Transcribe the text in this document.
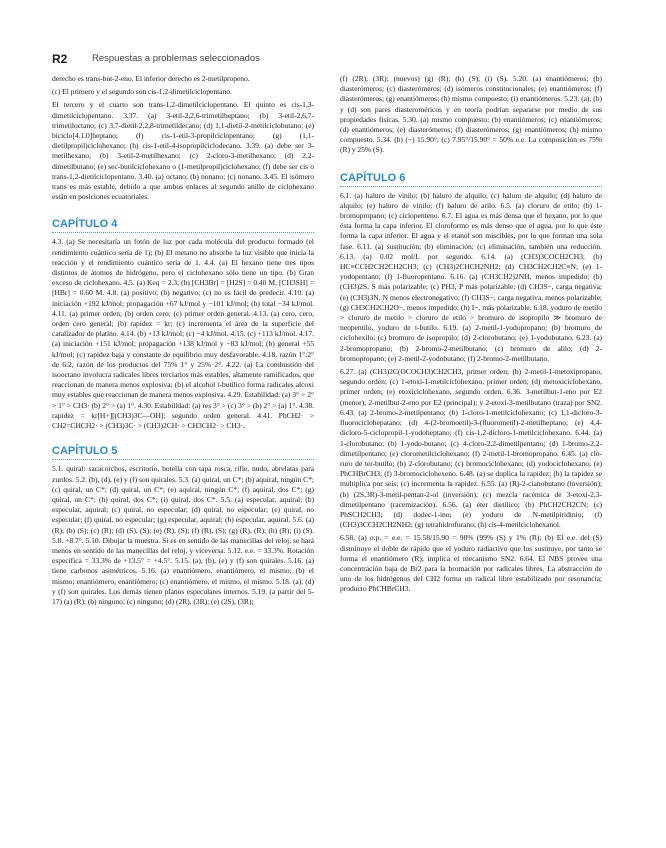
R2	Respuestas a problemas seleccionados

derecho es trans-but-2-eno. El inferior derecho es 2-metilpropeno.

(c) El primero y el segundo son cis-1,2-dimetilciclopentano.

El tercero y el cuarto son trans-1,2-dimetilciclopentano. El quinto es cis-1,3-dimetilciclopentano. 3.37. (a) 3-etil-2,2,6-trimetilheptano; (b) 3-etil-2,6,7-trimetiloctano; (c) 3,7-dietil-2,2,8-trimetildecano; (d) 1,1-dietil-2-metilciclobutano; (e) biciclo[4.1.0]heptano; (f) cis-1-etil-3-propilciclopentano; (g) (1,1-dietilpropil)ciclohexano; (h) cis-1-etil-4-isopropilciclodecano. 3.39. (a) debe ser 3-metilhexano; (b) 3-etil-2-metilhexano; (c) 2-cloro-3-metilhexano; (d) 2,2-dimetilbutano; (e) sec-butilciclohexano o (1-metilpropil)ciclohexano; (f) debe ser cis o trans-1,2-dietilciclopentano. 3.40. (a) octano; (b) nonano; (c) nonano. 3.45. El isómero trans es más estable, debido a que ambos enlaces al segundo anillo de ciclohexano están en posiciones ecuatoriales.

CAPÍTULO 4

4.3. (a) Se necesitaría un fotón de luz por cada molécula del producto formado (el rendimiento cuántico sería de 1); (b) El metano no absorbe la luz visible que inicia la reacción y el rendimiento cuántico sería de 1. 4.4. (a) El hexano tiene tres tipos distintos de átomos de hidrógeno, pero el ciclohexano sólo tiene un tipo. (b) Gran exceso de ciclohexano. 4.5. (a) Keq = 2.3; (b) [CH3Br] = [H2S] = 0.40 M, [CH3SH] = [HBr] = 0.60 M. 4.8. (a) positivo; (b) negativo; (c) no es fácil de predecir. 4.10. (a) iniciación +192 kJ/mol; propagación +67 kJ/mol y −101 kJ/mol; (b) total −34 kJ/mol. 4.11. (a) primer orden; (b) orden cero; (c) primer orden general. 4.13. (a) cero, cero, orden cero general; (b) rapidez = kr; (c) incrementa el área de la superficie del catalizador de platino. 4.14. (b) +13 kJ/mol; (c) −4 kJ/mol. 4.15. (c) +113 kJ/mol. 4.17. (a) iniciación +151 kJ/mol; propagación +138 kJ/mol y −83 kJ/mol; (b) general +55 kJ/mol; (c) rapidez baja y constante de equilibrio muy desfavorable. 4.18. razón 1°:2° de 6:2, razón de los productos del 75% 1° y 25% 2°. 4.22. (a) La combustión del isooctano involucra radicales libres terciarios más estables, altamente ramificados, que reaccionan de manera menos explosiva; (b) el alcohol t-butílico forma radicales alcoxi muy estables que reaccionan de manera menos explosiva. 4.29. Estabilidad: (a) 3° > 2° > 1° > CH3· (b) 2° > (a) 1°. 4.30. Estabilidad: (a) res 3° > (c) 3° > (b) 2° > (a) 1°. 4.38. rapidez = kr[H+][(CH3)3C—OH]; segundo orden general. 4.41. PhCH2· > CH2=CHCH2· > (CH3)3C· > (CH3)2CH· > CH3CH2· > CH3·.

CAPÍTULO 5

5.1. quiral: sacacorchos, escritorio, botella con tapa rosca, rifle, nudo, abrelatas para zurdos. 5.2. (b), (d), (e) y (f) son quirales. 5.3. (a) quiral, un C*; (b) aquiral, ningún C*; (c) quiral, un C*; (d) quiral, un C*; (e) aquiral, ningún C*; (f) aquiral, dos C*; (g) quiral, un C*; (h) quiral, dos C*; (i) quiral, dos C*. 5.5. (a) especular, aquiral; (b) especular, aquiral; (c) quiral, no especular; (d) quiral, no especular; (e) quiral, no especular; (f) quiral, no especular; (g) especular, aquiral; (h) especular, aquiral. 5.6. (a) (R); (b) (S); (c) (R); (d) (S), (S); (e) (R), (S); (f) (R), (S); (g) (R), (R); (h) (R); (i) (S). 5.8. +8.7°. 5.10. Dibujar la muestra. Si es en sentido de las manecillas del reloj, se hará menos en sentido de las manecillas del reloj, y viceversa. 5.12. e.e. = 33.3%. Rotación específica = 33.3% de +13.5° = +4.5°. 5.15. (a), (b), (e) y (f) son quirales. 5.16. (a) tiene carbonos asimétricos. 5.16. (a) enantiómero, enantiómero, el mismo; (b) el mismo; enantiómero, enantiómero; (c) enantiómero, el mismo, el mismo. 5.18. (a), (d) y (f) son quirales. Los demás tienen planos especulares internos. 5.19. (a partir del 5-17) (a) (R); (b) ninguno; (c) ninguno; (d) (2R), (3R); (e) (2S), (3R);

(f) (2R), (3R); (nuevos) (g) (R); (h) (S); (i) (S). 5.20. (a) enantiómeros; (b) diasterómeros; (c) diasterómeros; (d) isómeros constitucionales; (e) enantiómeros; (f) diasterómeros; (g) enantiómeros; (h) mismo compuesto; (i) enantiómeros. 5.23. (a), (b) y (d) son pares diasteroméricos y en teoría podrían separarse por medio de sus propiedades físicas. 5.30. (a) mismo compuesto; (b) enantiómeros; (c) enantiómeros; (d) enantiómeros; (e) diasterómeros; (f) diasterómeros; (g) enantiómeros; (h) mismo compuesto. 5.34. (b) (−) 15.90°; (c) 7.95°/15.90° = 50% e.e. La composición es 75% (R) y 25% (S).

CAPÍTULO 6

6.1. (a) haluro de vinilo; (b) haluro de alquilo; (c) haluro de alquilo; (d) haluro de alquilo; (e) haluro de vinilo; (f) haluro de arilo. 6.5. (a) cloruro de etilo; (b) 1-bromopropano; (c) ciclopenteno. 6.7. El agua es más densa que el hexano, por lo que ésta forma la capa inferior. El cloroformo es más denso que el agua, por lo que éste forma la capa inferior. El agua y el etanol son miscibles, por lo que forman una sola fase. 6.11. (a) sustitución; (b) eliminación; (c) eliminación, también una reducción. 6.13. (a) 0.02 mol/L por segundo. 6.14. (a) (CH3)3COCH2CH3; (b) HC≡CCH2CH2CH2CH3; (c) (CH3)2CHCH2NH2; (d) CH3CH2CH2C≡N; (e) 1-yodopentano; (f) 1-fluoropentano. 6.16. (a) (CH3CH2)2NH, menos impedido; (b) (CH3)2S, S más polarizable; (c) PH3, P más polarizable; (d) CH3S−, carga negativa; (e) (CH3)3N, N menos electronegativo; (f) CH3S−, carga negativa, menos polarizable; (g) CH3CH2CH2O−, menos impedido; (h) I−, más polarizable. 6.18. yoduro de metilo > cloruro de metilo > cloruro de etilo > bromuro de isopropilo ≫ bromuro de neopentilo, yoduro de t-butilo. 6.19. (a) 2-metil-1-yodopropano; (b) bromuro de ciclohexilo; (c) bromuro de isopropilo; (d) 2-clorobutano; (e) 1-yodobutano. 6.23. (a) 2-bromopropano; (b) 2-bromo-2-metilbutano; (c) bromuro de alilo; (d) 2-bromopropano; (e) 2-metil-2-yodobutano; (f) 2-bromo-2-metilbutano.

6.27. (a) (CH3)2C(OCOCH3)CH2CH3, primer orden; (b) 2-metil-1-metoxipropano, segundo orden; (c) 1-etoxi-1-metilciclohexano, primer orden; (d) metoxiciclohexano, primer orden; (e) etoxiciclohexano, segundo orden. 6.36. 3-metilbut-1-eno por E2 (menor); 2-metilbut-2-eno por E2 (principal); y 2-etoxi-3-metilbutano (traza) por SN2. 6.43. (a) 2-bromo-2-metilpentano; (b) 1-cloro-1-metilciclohexano; (c) 1,1-dicloro-3-fluorociclohepatano; (d) 4-(2-bromoetil)-3-(fluorometil)-2-metilheptano; (e) 4,4-dicloro-5-ciclopropil-1-yodoheptano; (f) cis-1,2-dicloro-1-metilciclohexano. 6.44. (a) 1-clorobutano; (b) 1-yodo-butano; (c) 4-cloro-2,2-dimetilpentano; (d) 1-bromo-2,2-dimetilpentano; (e) clorometilciclohexano; (f) 2-metil-1-bromopropano. 6.45. (a) clo-ruro de ter-butilo; (b) 2-clorobutano; (c) bromociclohexano; (d) yodociclohexano; (e) PhCHBrCH3; (f) 3-bromociclohexeno. 6.48. (a) se duplica la rapidez; (b) la rapidez se multiplica por seis; (c) incrementa la rapidez. 6.55. (a) (R)-2-cianobutano (inversión); (b) (2S,3R)-3-metil-pentan-2-ol (inversión); (c) mezcla racémica de 3-etoxi-2,3-dimetilpentano (racemización). 6.56. (a) éter dietílico; (b) PhCH2CH2CN; (c) PhSCH2CH3; (d) dodec-1-ino; (e) yoduro de N-metilpiridinio; (f) (CH3)3CCH2CH2NH2; (g) tetrahidrofurano; (h) cis-4-metilciclohexanol.

6.58. (a) o.p. = e.e. = 15.58/15.90 = 98% (99% (S) y 1% (R); (b) El e.e. del (S) disminuye el doble de rápido que el yoduro radiactivo que los sustituye, por tanto se forma el enantiómero (R); implica el mecanismo SN2. 6.64. El NBS provee una concentración baja de Br2 para la bromación por radicales libres. La abstracción de uno de los hidrógenos del CH2 forma un radical libre estabilizado por resonancia; producto PhCHBrCH3.
